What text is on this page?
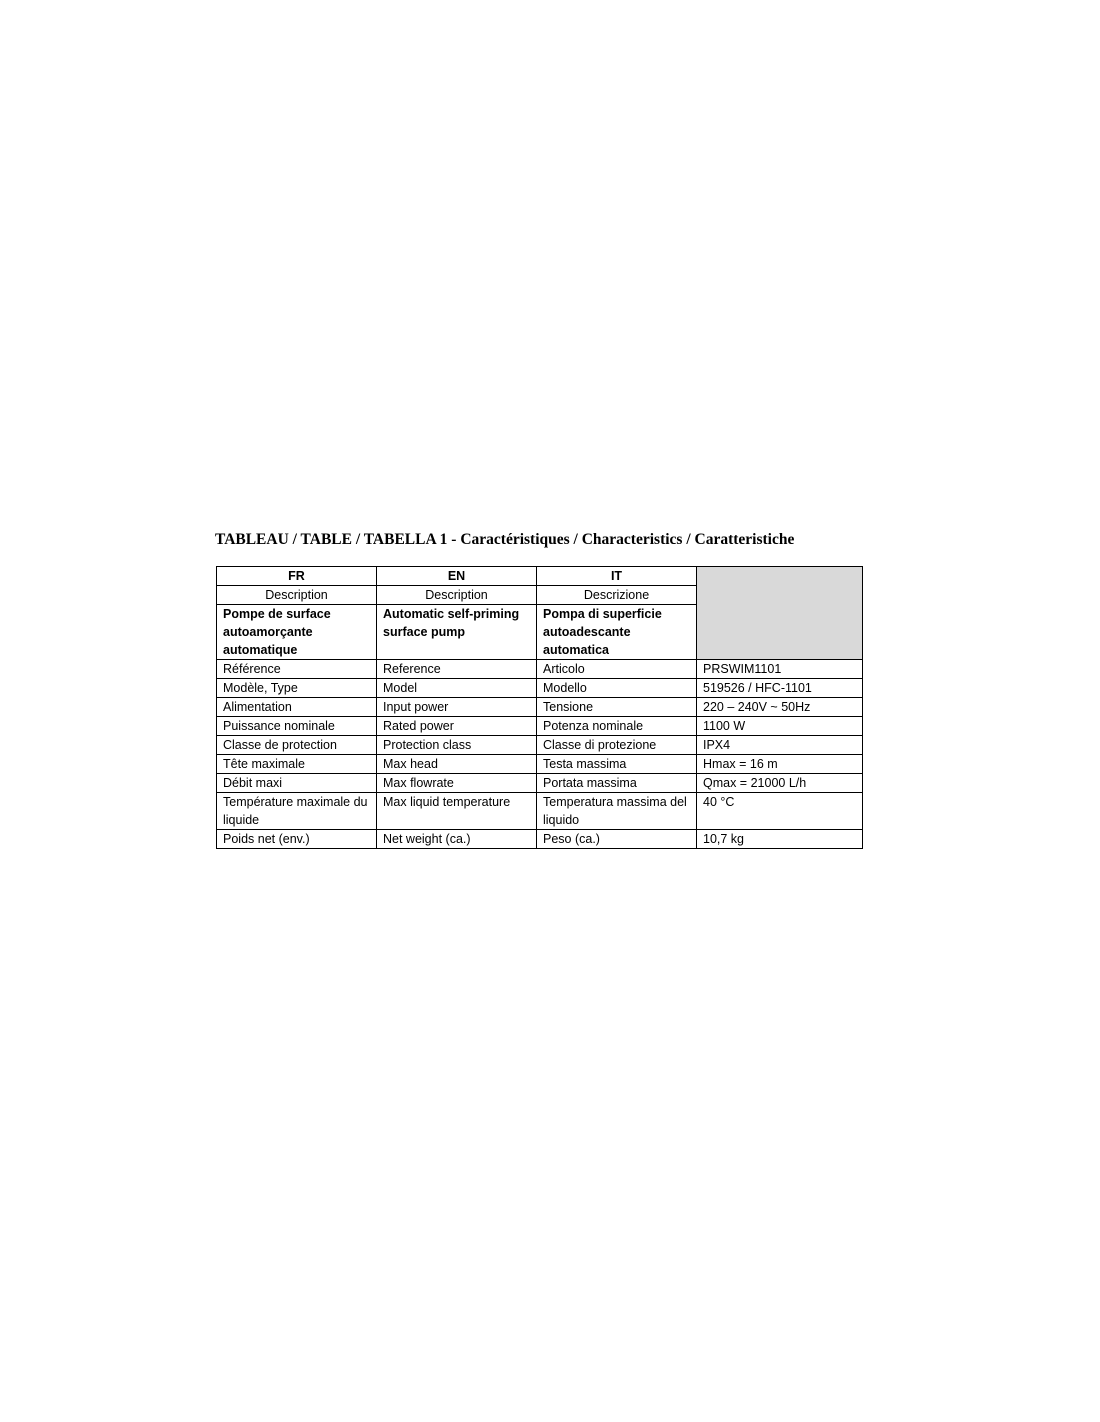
TABLEAU / TABLE / TABELLA 1 - Caractéristiques / Characteristics / Caratteristiche
FR	EN	IT	
Description	Description	Descrizione	
Pompe de surface autoamorçante automatique	Automatic self-priming surface pump	Pompa di superficie autoadescante automatica	
Référence	Reference	Articolo	PRSWIM1101
Modèle, Type	Model	Modello	519526 / HFC-1101
Alimentation	Input power	Tensione	220 – 240V ~ 50Hz
Puissance nominale	Rated power	Potenza nominale	1100 W
Classe de protection	Protection class	Classe di protezione	IPX4
Tête maximale	Max head	Testa massima	Hmax = 16 m
Débit maxi	Max flowrate	Portata massima	Qmax = 21000 L/h
Température maximale du liquide	Max liquid temperature	Temperatura massima del liquido	40 °C
Poids net (env.)	Net weight (ca.)	Peso (ca.)	10,7 kg
